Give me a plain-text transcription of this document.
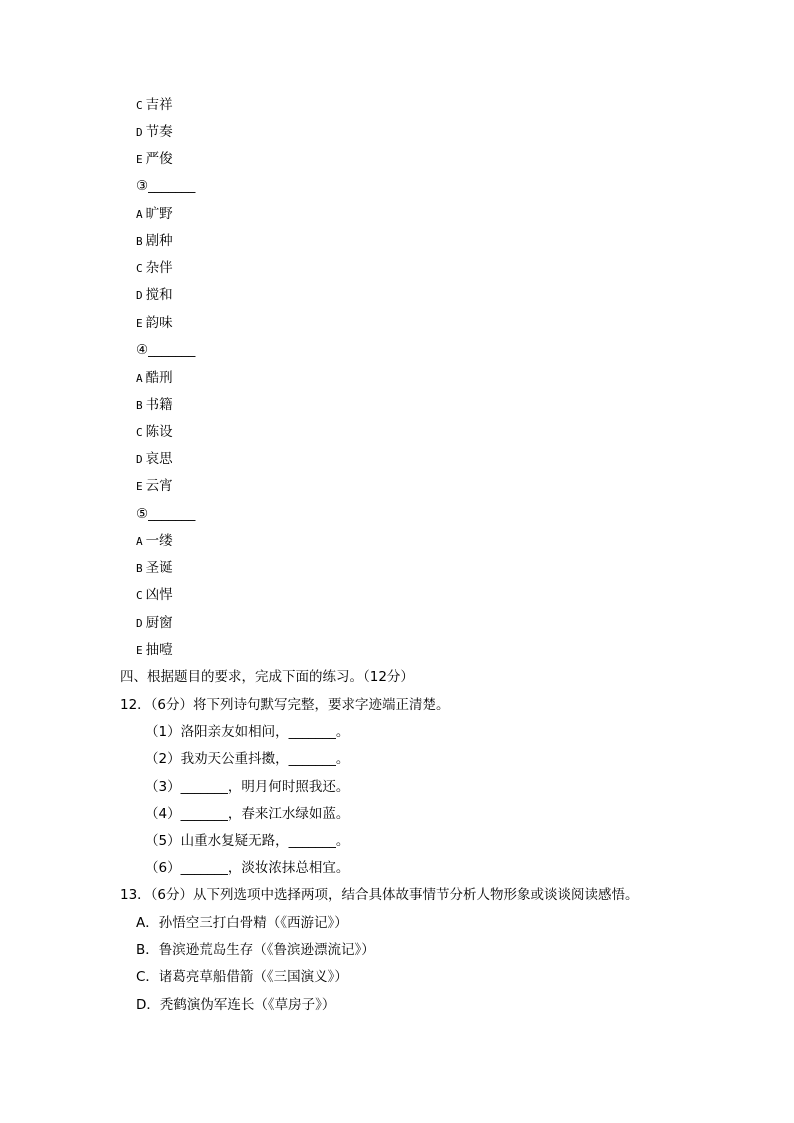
C 吉祥
D 节奏
E 严俊
③_______
A 旷野
B 剧种
C 杂伴
D 搅和
E 韵味
④_______
A 酷刑
B 书籍
C 陈设
D 哀思
E 云宵
⑤_______
A 一缕
B 圣诞
C 凶悍
D 厨窗
E 抽噎
四、根据题目的要求，完成下面的练习。（12分）
12．（6分）将下列诗句默写完整，要求字迹端正清楚。
（1）洛阳亲友如相问，_______。
（2）我劝天公重抖擞，_______。
（3）_______，明月何时照我还。
（4）_______，春来江水绿如蓝。
（5）山重水复疑无路，_______。
（6）_______，淡妆浓抹总相宜。
13．（6分）从下列选项中选择两项，结合具体故事情节分析人物形象或谈谈阅读感悟。
A．孙悟空三打白骨精（《西游记》）
B．鲁滨逊荒岛生存（《鲁滨逊漂流记》）
C．诸葛亮草船借箭（《三国演义》）
D．秃鹤演伪军连长（《草房子》）
